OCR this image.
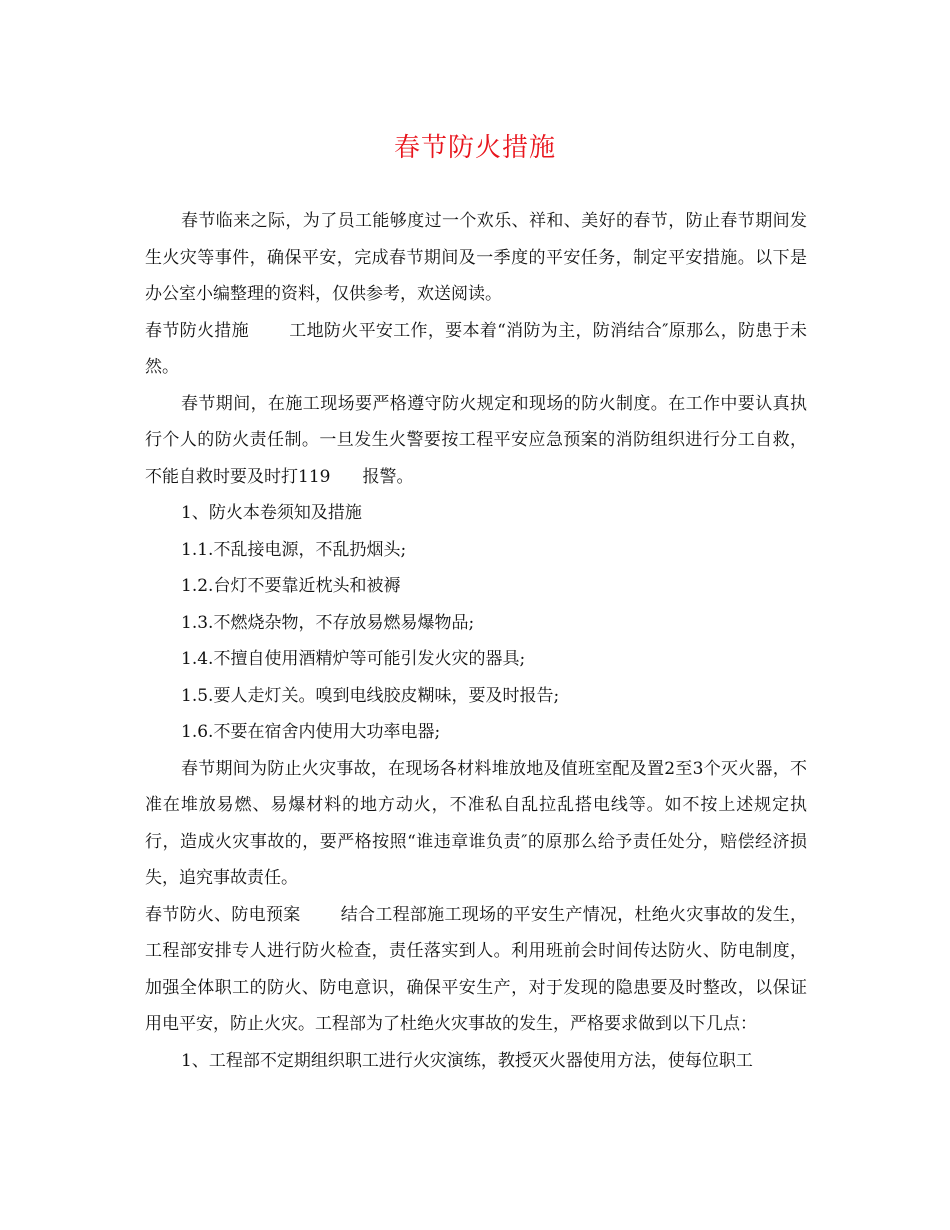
春节防火措施

春节临来之际，为了员工能够度过一个欢乐、祥和、美好的春节，防止春节期间发生火灾等事件，确保平安，完成春节期间及一季度的平安任务，制定平安措施。以下是办公室小编整理的资料，仅供参考，欢送阅读。

春节防火措施 工地防火平安工作，要本着“消防为主，防消结合″原那么，防患于未然。

春节期间，在施工现场要严格遵守防火规定和现场的防火制度。在工作中要认真执行个人的防火责任制。一旦发生火警要按工程平安应急预案的消防组织进行分工自救，不能自救时要及时打119 报警。

1、防火本卷须知及措施

1.1.不乱接电源，不乱扔烟头;

1.2.台灯不要靠近枕头和被褥

1.3.不燃烧杂物，不存放易燃易爆物品;

1.4.不擅自使用酒精炉等可能引发火灾的器具;

1.5.要人走灯关。嗅到电线胶皮糊味，要及时报告;

1.6.不要在宿舍内使用大功率电器;

春节期间为防止火灾事故，在现场各材料堆放地及值班室配及置2至3个灭火器，不准在堆放易燃、易爆材料的地方动火，不准私自乱拉乱搭电线等。如不按上述规定执行，造成火灾事故的，要严格按照“谁违章谁负责″的原那么给予责任处分，赔偿经济损失，追究事故责任。

春节防火、防电预案 结合工程部施工现场的平安生产情况，杜绝火灾事故的发生，工程部安排专人进行防火检查，责任落实到人。利用班前会时间传达防火、防电制度，加强全体职工的防火、防电意识，确保平安生产，对于发现的隐患要及时整改，以保证用电平安，防止火灾。工程部为了杜绝火灾事故的发生，严格要求做到以下几点：

1、工程部不定期组织职工进行火灾演练，教授灭火器使用方法，使每位职工
